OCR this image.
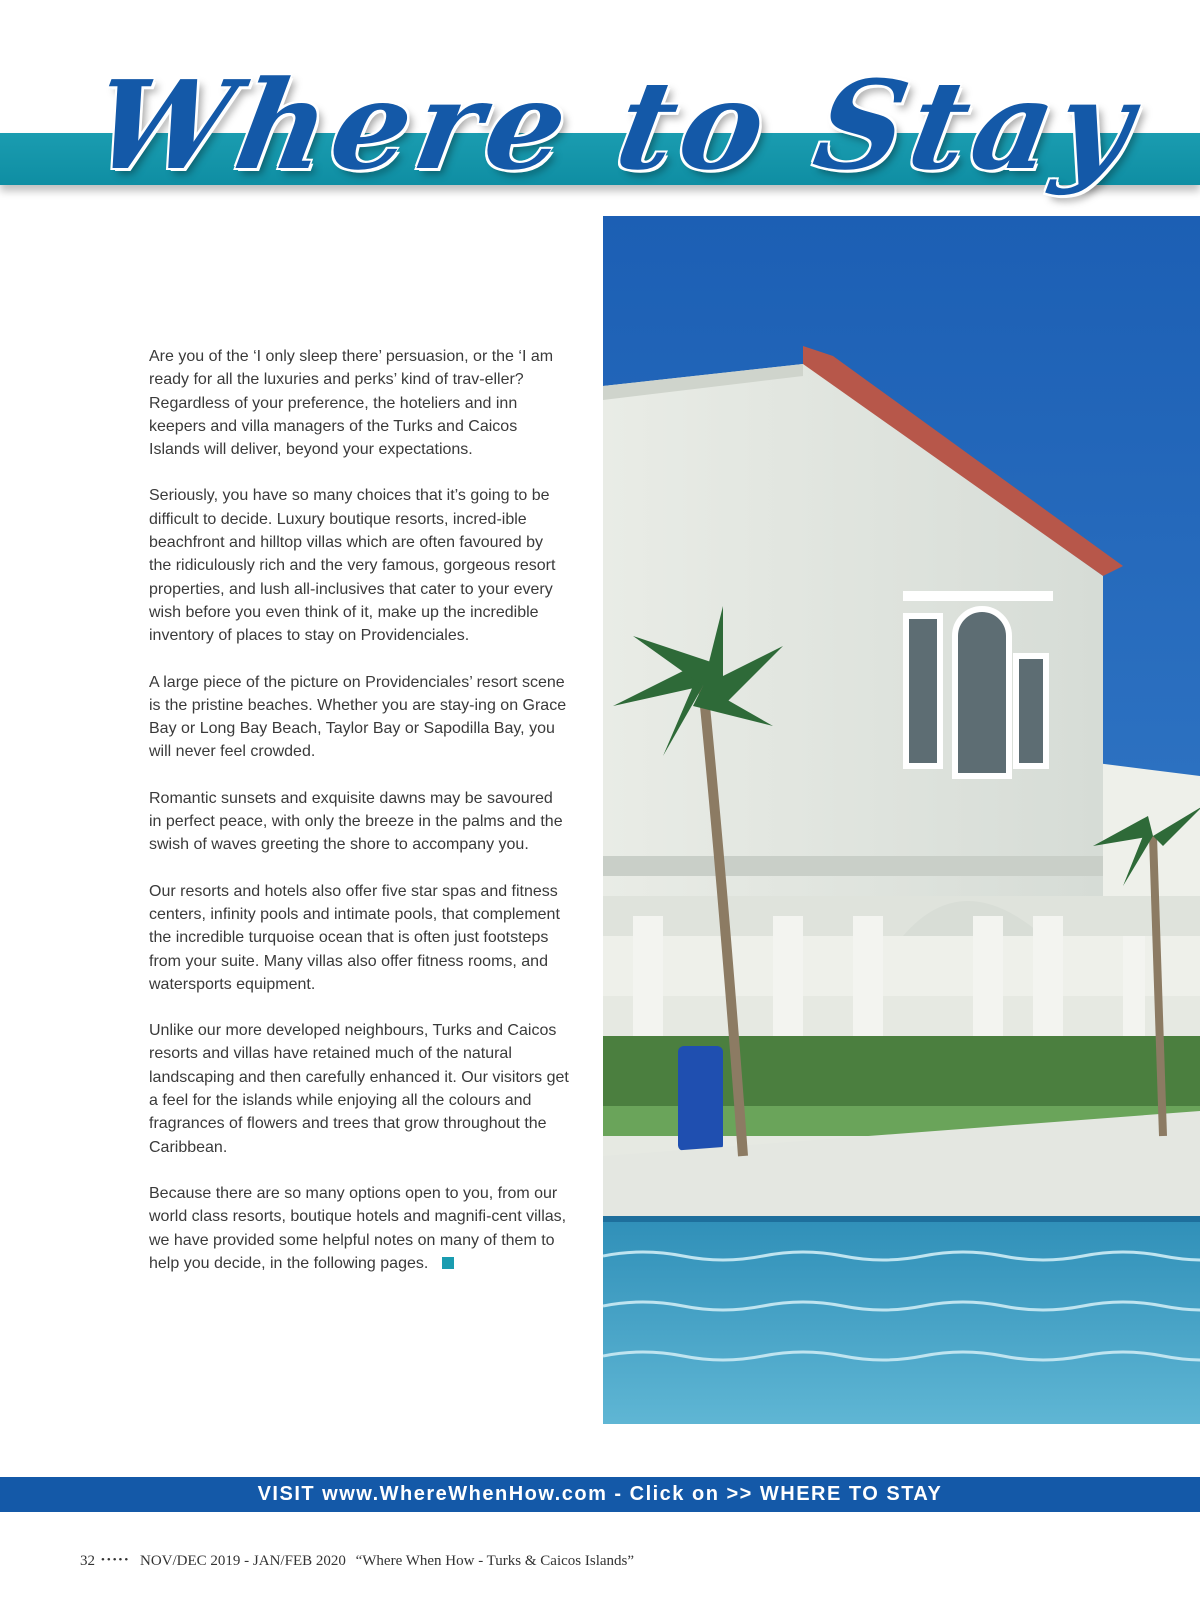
Where to Stay

Are you of the ‘I only sleep there’ persuasion, or the ‘I am ready for all the luxuries and perks’ kind of trav-eller? Regardless of your preference, the hoteliers and inn keepers and villa managers of the Turks and Caicos Islands will deliver, beyond your expectations.

Seriously, you have so many choices that it’s going to be difficult to decide. Luxury boutique resorts, incred-ible beachfront and hilltop villas which are often favoured by the ridiculously rich and the very famous, gorgeous resort properties, and lush all-inclusives that cater to your every wish before you even think of it, make up the incredible inventory of places to stay on Providenciales.

A large piece of the picture on Providenciales’ resort scene is the pristine beaches. Whether you are stay-ing on Grace Bay or Long Bay Beach, Taylor Bay or Sapodilla Bay, you will never feel crowded.

Romantic sunsets and exquisite dawns may be savoured in perfect peace, with only the breeze in the palms and the swish of waves greeting the shore to accompany you.

Our resorts and hotels also offer five star spas and fitness centers, infinity pools and intimate pools, that complement the incredible turquoise ocean that is often just footsteps from your suite. Many villas also offer fitness rooms, and watersports equipment.

Unlike our more developed neighbours, Turks and Caicos resorts and villas have retained much of the natural landscaping and then carefully enhanced it. Our visitors get a feel for the islands while enjoying all the colours and fragrances of flowers and trees that grow throughout the Caribbean.

Because there are so many options open to you, from our world class resorts, boutique hotels and magnifi-cent villas, we have provided some helpful notes on many of them to help you decide, in the following pages.

VISIT www.WhereWhenHow.com - Click on >> WHERE TO STAY
32 ••••• NOV/DEC 2019 - JAN/FEB 2020 “Where When How - Turks & Caicos Islands”
